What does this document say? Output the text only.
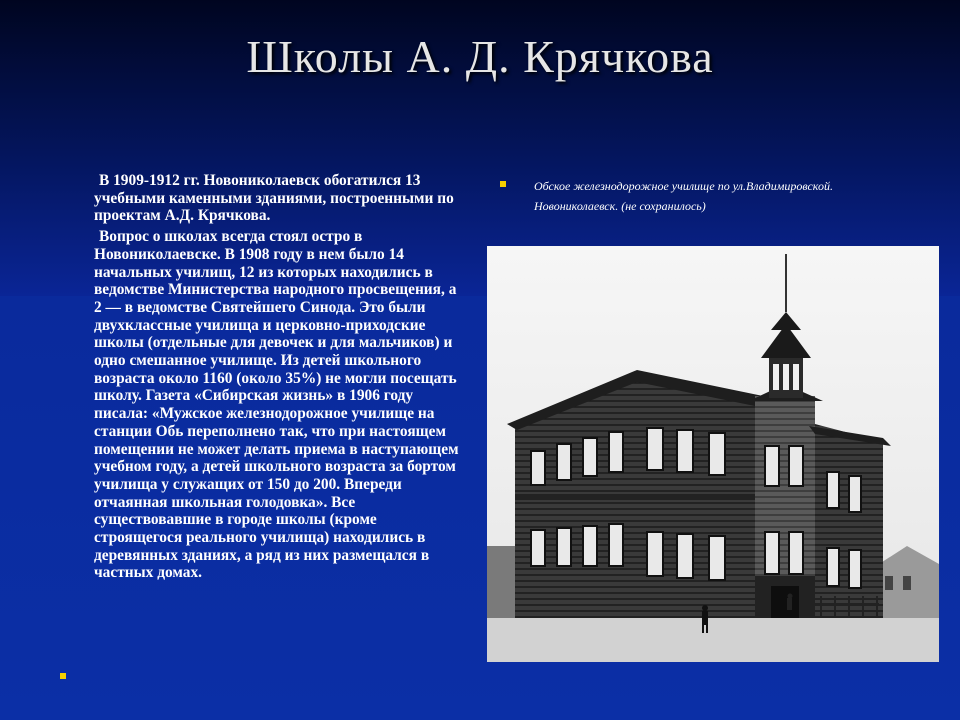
Школы А. Д. Крячкова

В 1909-1912 гг. Новониколаевск обогатился 13 учебными каменными зданиями, построенными по проектам А.Д. Крячкова.

Вопрос о школах всегда стоял остро в Новониколаевске. В 1908 году в нем было 14 начальных училищ, 12 из которых находились в ведомстве Министерства народного просвещения, а 2 — в ведомстве Святейшего Синода. Это были двухклассные училища и церковно-приходские школы (отдельные для девочек и для мальчиков) и одно смешанное училище. Из детей школьного возраста около 1160 (около 35%) не могли посещать школу. Газета «Сибирская жизнь» в 1906 году писала: «Мужское железнодорожное училище на станции Обь переполнено так, что при настоящем помещении не может делать приема в наступающем учебном году, а детей школьного возраста за бортом училища у служащих от 150 до 200. Впереди отчаянная школьная голодовка». Все существовавшие в городе школы (кроме строящегося реального училища) находились в деревянных зданиях, а ряд из них размещался в частных домах.

Обское железнодорожное училище по ул.Владимировской.
Новониколаевск. (не сохранилось)
